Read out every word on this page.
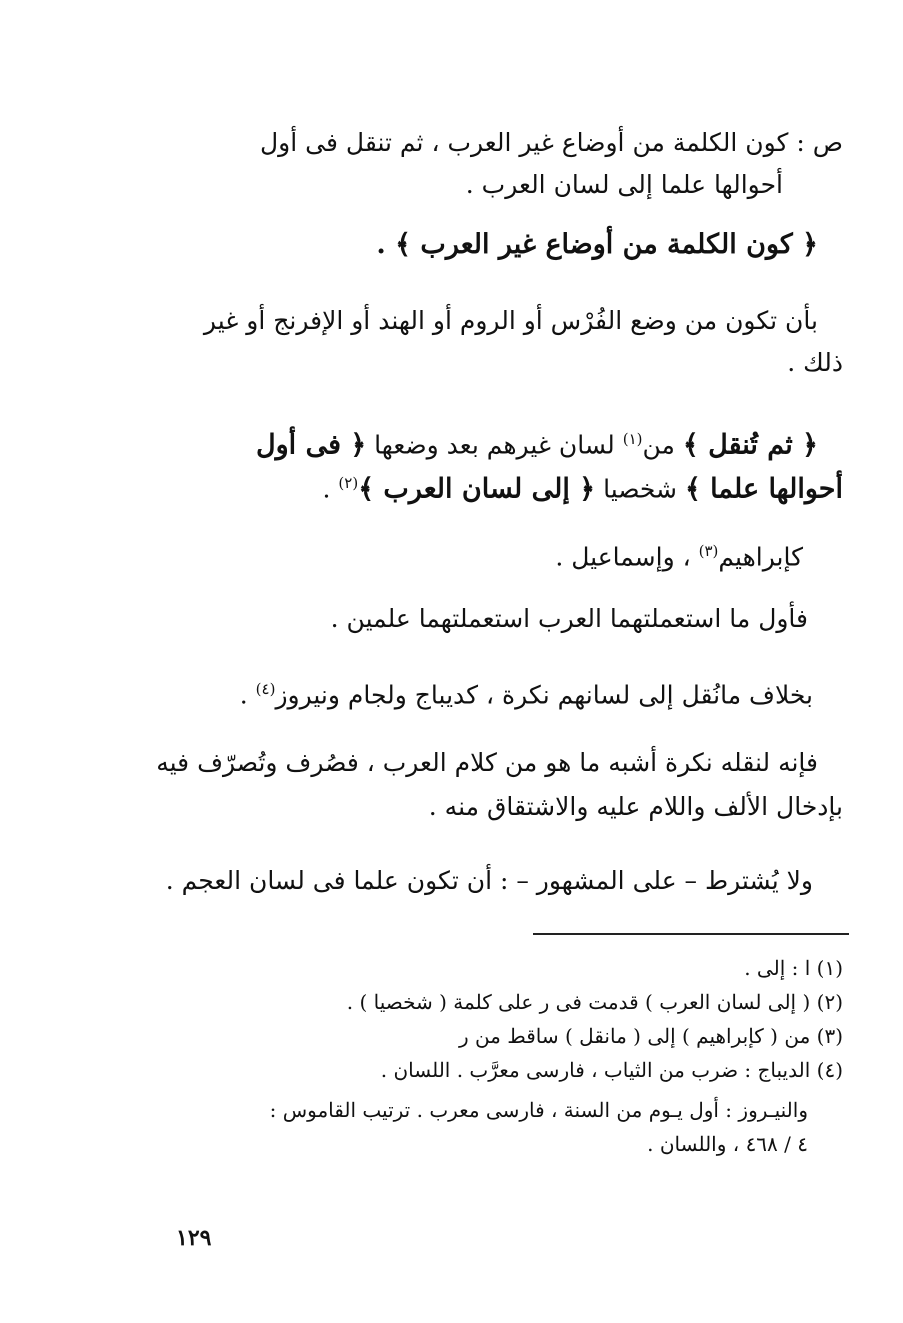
ص : كون الكلمة من أوضاع غير العرب ، ثم تنقل فى أول
أحوالها علما إلى لسان العرب .
﴿ كون الكلمة من أوضاع غير العرب ﴾ .
بأن تكون من وضع الفُرْس أو الروم أو الهند أو الإفرنج أو غير
ذلك .
﴿ ثم تُنقل ﴾ من$^{(١)}$ لسان غيرهم بعد وضعها ﴿ فى أول
أحوالها علما ﴾ شخصيا ﴿ إلى لسان العرب ﴾$^{(٢)}$ .
كإبراهيم$^{(٣)}$ ، وإسماعيل .
فأول ما استعملتهما العرب استعملتهما علمين .
بخلاف مانُقل إلى لسانهم نكرة ، كديباج ولجام ونيروز$^{(٤)}$ .
فإنه لنقله نكرة أشبه ما هو من كلام العرب ، فصُرف وتُصرّف فيه
بإدخال الألف واللام عليه والاشتقاق منه .
ولا يُشترط – على المشهور – : أن تكون علما فى لسان العجم .
(١) ا : إلى .
(٢) ( إلى لسان العرب ) قدمت فى ر على كلمة ( شخصيا ) .
(٣) من ( كإبراهيم ) إلى ( مانقل ) ساقط من ر
(٤) الديباج : ضرب من الثياب ، فارسى معرَّب . اللسان .
والنيـروز : أول يـوم من السنة ، فارسى معرب . ترتيب القاموس :
٤ / ٤٦٨ ، واللسان .
١٢٩
